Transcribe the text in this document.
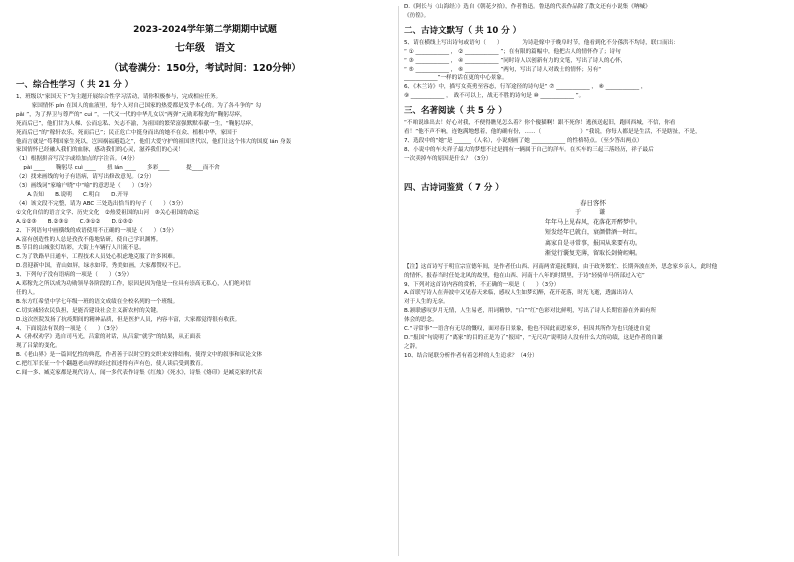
2023-2024学年第二学期期中试题
七年级　语文
（试卷满分：150分，考试时间：120分钟）
一、综合性学习（ 共 21 分 ）
1、班级以“家国天下”为主题开展综合性学习活动，请你积极参与，完成相应任务。
　家国情怀 pín 在国人的血液里，每个人对自己国家的热爱都是发乎本心的。为了各斗争的“ 勾
pǎi ”，为了捍卫与尊严的“ cuì ”，一代又一代的中华儿女以“两弹”元勋邓稼先的“鞠躬尽瘁，
死而后已”，他们甘为人梯、公而忘私、矢志不渝，为祖国的繁荣富强默默奉献一生，“鞠躬尽瘁，
死而后已”的“稼轩农乐，死而后已”；民正危亡中挺身而出的她不在众、植根中华，家国于
他而言就是“苟利国家生死以，岂因祸福避趋之”，他们大爱守护的祖国世代以，他们让这个伟大的国度 lán 身轰
家国情怀已经融入我们的血脉，感动我们的心灵，滋养我们的心灵！
（1）根据拼音写汉字或给加点的字注音。（4分）
　 pài ____　　鞠躬尽 cuì ____　　扭 lán ____　　多彩____　　　提____而不舍
（2）找来画线的句子有语病，请写出修改意见。（2分）
（3）画线词“家喻户晓”中“喻”的意思是（　　）（3分）
　　A.告知　　B.说明　　C.明白　　D.开导
（4）该文段不完整，请为 ABC 三处选出恰当的句子（　　）（3分）
①文化自信的语言文学、历史文化　②热爱祖国的山河　③关心祖国的命运
A.①②③　　B.②③①　　C.③①②　　D.①③②
2、下列语句中画横线的成语使用不正确的一项是（　　）（3分）
A.富有创造性的人总是孜孜不倦地钻研，使自己学识渊博。
B.节目的山城张灯结彩，大街上车辆行人川流不息。
C.为了铁路早日通车，工程技术人员处心积虑地克服了许多困难。
D.喜迎新中国，青山如屏，绿水如带，秀美如画，大家都赞叹不已。
3、下列句子没有语病的一项是（　　）（3分）
A.邓稼先之所以成为功勋领导各阶段的工作，原因是因为他是一位具有崇高无私心，人们绝对信
任的人。
B.东方红希望中学七年级一班的语文成绩在全校名列的一个班级。
C.切实减轻农民负担，是能否建设社会主义新农村的关键。
D.这次医院发扬了抗疫期间的精神品质，但是医护人员，内容丰富，大家都觉得很有收获。
4、下面说法有误的一项是（　　）（3分）
A.《孙权劝学》选自司马光，吕蒙的对话，从吕蒙“就学”的结果，从正面表
现了吕蒙的变化。
B.《老山界》是一篇回忆性的典范，作者善于以时空的交织来安排结构，使得文中的叙事和议论文体
C.把红军长征一个个翻越老山界的经过叙述得有声有色，使人读后受到教育。
C.闻一多、臧克家都是现代诗人，闻一多代表作诗集《红烛》《死水》，诗集《烙印》是臧克家的代表
D.《阿长与〈山海经〉》选自《朝花夕拾》，作者鲁迅。鲁迅的代表作品除了散文还有小说集《呐喊》
《彷徨》。
二、古诗文默写（ 共 10 分 ）
5、请在横线上写出诗句或语句（　　）　　　　为诗赴嫁中于晚阜时节，他看到化不分孫洪不均诗，联口而出：
“ ① ____________ ， ② ____________ ”；在有限的篇幅中，他把古人的情怀作了；诗句
“ ③ ____________ ， ④ ____________ ”同时诗人以创新有力的文笔，写出了诗人的心怀，
“ ⑤ ____________ ， ⑥ ____________ ”两句，写出了诗人对战士的情怀；另有“
____________”一样的话在更的中心景象。
6、《木兰诗》中，描写女英勇至容态，行军途径的诗句是“ ⑦ ____________ ， ⑧ ____________ ，
⑨ ____________ ， 战不可以上，战无不胜的诗句是 ⑩ ____________ ”。
三、名著阅读（ 共 5 分 ）
“不咱说谁出去！好心对我，不便得瞧见怎么着？你个傻猫啊！跟不死你！逃孩送起旧，跑回西城，不信，你看
看！”他不声不响，连饱满地想着，他的确有份，……（　　　　　　　）“我说，你每人都是是生活，不是瞎扯，不是，
7、选段中的“她”是 ______（人名），小说刻画了她 ____________ 的性格特点。（至少答出两点）
8、小说中的车夫祥子最大的梦想不过是拥有一辆属于自己的洋车。在买车的三起三落经历，祥子最后
一次卖掉车的原因是什么？（3分）
四、古诗词鉴赏（ 7 分 ）
春日客怀
于　谦
年年马上见春风，花落花开醉梦中。
短发经年已就白，衰颜借酒一时红。
离家自是寻常事，报国从来要有功。
渐觉行囊复芜薄，留取长剑倚崆峒。
【注】这首诗写于明宣宗宣德年间，是作者任山西、河南两省巡抚期间，由于政务繁忙、长期奔波在外，思念家乡亲人，此时他
的情怀。报春当时任处北风的故里，他在山西、河南十八年的时期里，于诗“轻骑单马所部过入宅”
9、下列对这首诗内容的赏析，不正确的一项是（　　）（3分）
A.首联写诗人在奔波中又见春天来临，感叹人生如梦幻醉，花开花落，时光飞逝，透露出诗人
对于人生的无奈。
B.颔联感叹岁月无情，人生易老，用词精妙，“白”“红”色彩对比鲜明，写出了诗人长期宦游在外面有所
体会的思念。
C.“寻常事”一语含有无尽的慨叹，面对春日景象，他也不因此而思家乡，但因其所作为也只能进自觉
D.“报国”句说明了“离家”的目的正是为了“报国”，“无尺功”说明诗人没有什么大的功绩，这是作者的自谦
之辞。
10、结合尾联分析作者有着怎样的人生追求？（4分）
